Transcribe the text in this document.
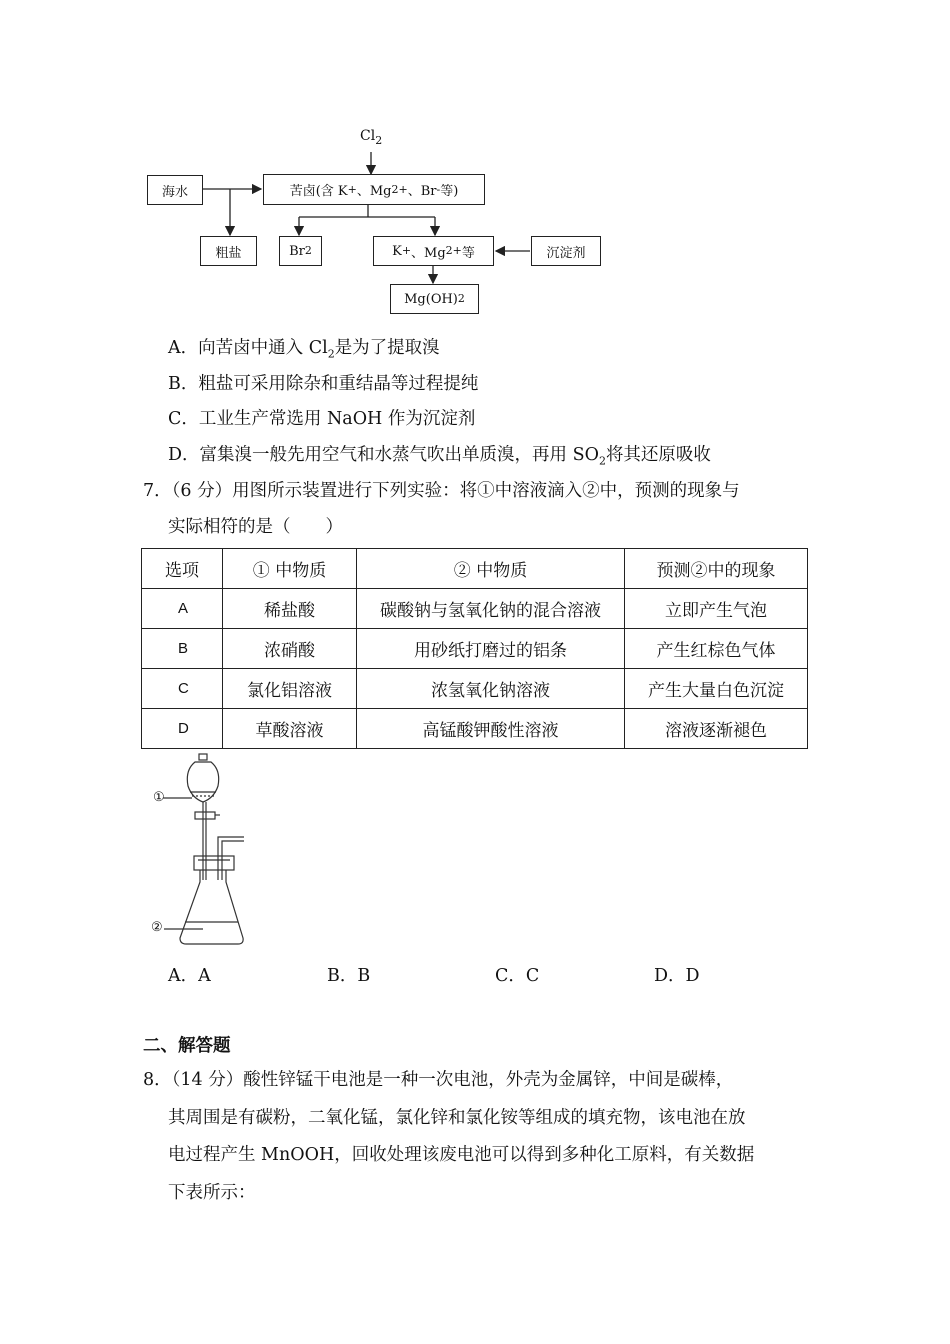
$Cl_2$
海水	苦卤(含 K + 、Mg 2+ 、Br - 等)
粗盐	Br 2	K + 、Mg 2+ 等	沉淀剂
Mg(OH) 2
A．向苦卤中通入 $Cl_2$是为了提取溴
B．粗盐可采用除杂和重结晶等过程提纯
C．工业生产常选用 NaOH 作为沉淀剂
D．富集溴一般先用空气和水蒸气吹出单质溴，再用 $SO_2$将其还原吸收
7．（6 分）用图所示装置进行下列实验：将①中溶液滴入②中，预测的现象与
实际相符的是（　　）
选项	① 中物质	② 中物质	预测②中的现象
A	稀盐酸	碳酸钠与氢氧化钠的混合溶液	立即产生气泡
B	浓硝酸	用砂纸打磨过的铝条	产生红棕色气体
C	氯化铝溶液	浓氢氧化钠溶液	产生大量白色沉淀
D	草酸溶液	高锰酸钾酸性溶液	溶液逐渐褪色
①
②
A．A	B．B	C．C	D．D
二、解答题
8．（14 分）酸性锌锰干电池是一种一次电池，外壳为金属锌，中间是碳棒，
其周围是有碳粉，二氧化锰，氯化锌和氯化铵等组成的填充物，该电池在放
电过程产生 MnOOH，回收处理该废电池可以得到多种化工原料，有关数据
下表所示：
